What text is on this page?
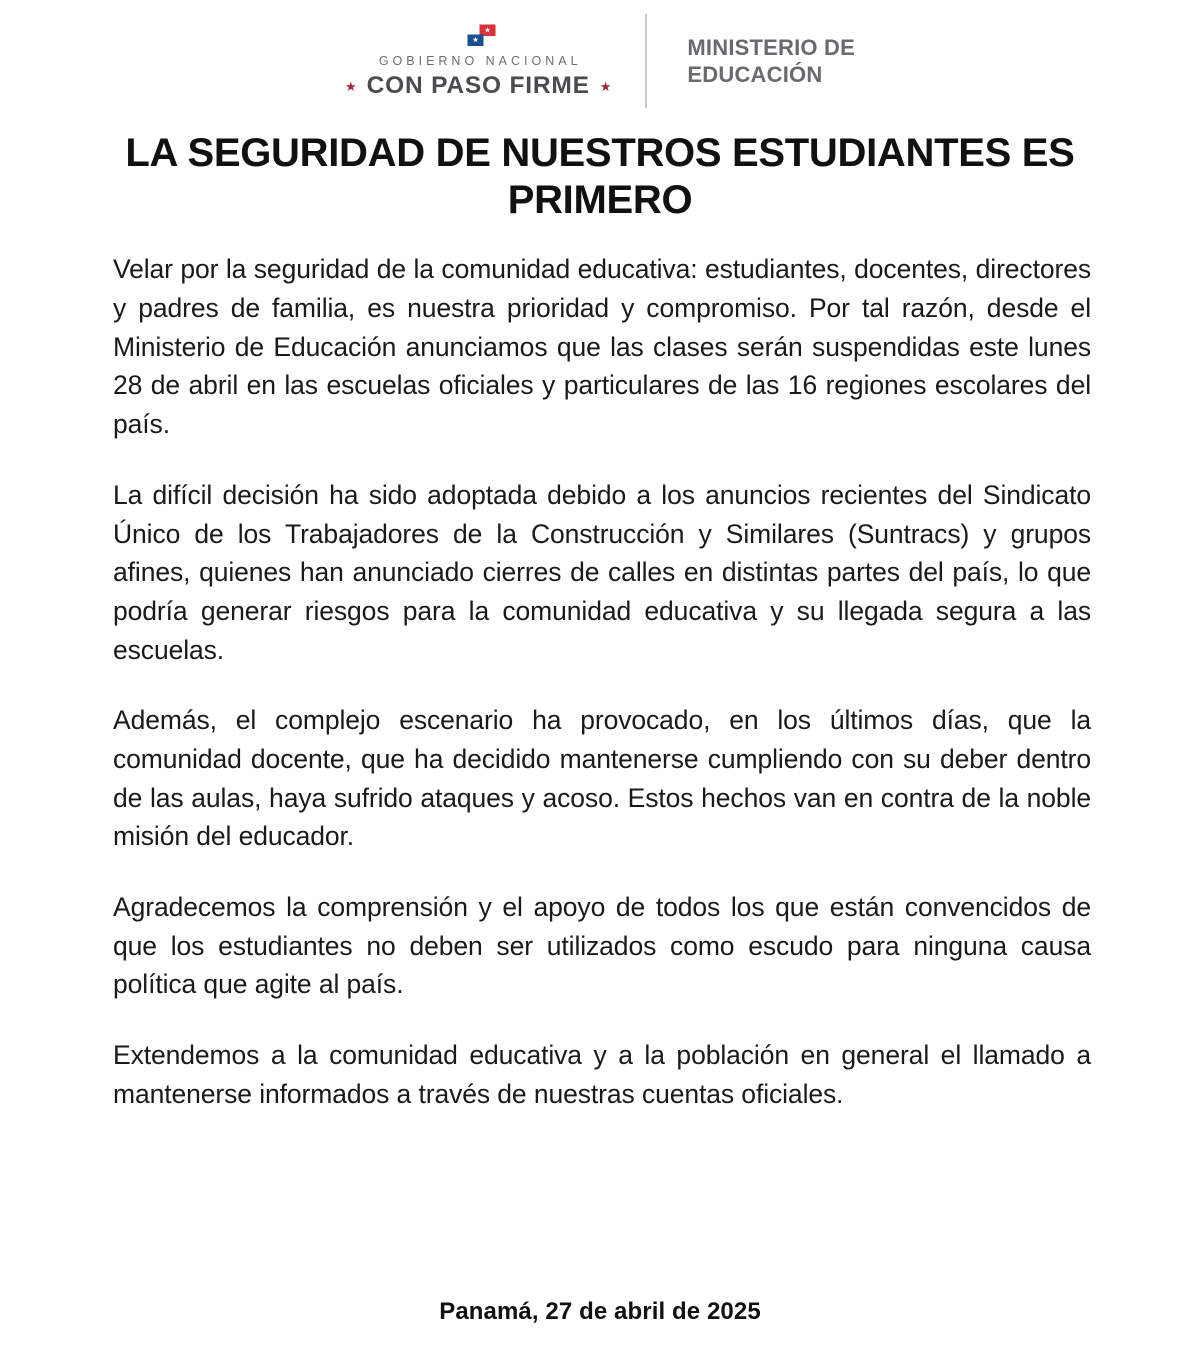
GOBIERNO NACIONAL
★ CON PASO FIRME ★
MINISTERIO DE
EDUCACIÓN
LA SEGURIDAD DE NUESTROS ESTUDIANTES ES PRIMERO

Velar por la seguridad de la comunidad educativa: estudiantes, docentes, directores y padres de familia, es nuestra prioridad y compromiso. Por tal razón, desde el Ministerio de Educación anunciamos que las clases serán suspendidas este lunes 28 de abril en las escuelas oficiales y particulares de las 16 regiones escolares del país.

La difícil decisión ha sido adoptada debido a los anuncios recientes del Sindicato Único de los Trabajadores de la Construcción y Similares (Suntracs) y grupos afines, quienes han anunciado cierres de calles en distintas partes del país, lo que podría generar riesgos para la comunidad educativa y su llegada segura a las escuelas.

Además, el complejo escenario ha provocado, en los últimos días, que la comunidad docente, que ha decidido mantenerse cumpliendo con su deber dentro de las aulas, haya sufrido ataques y acoso. Estos hechos van en contra de la noble misión del educador.

Agradecemos la comprensión y el apoyo de todos los que están convencidos de que los estudiantes no deben ser utilizados como escudo para ninguna causa política que agite al país.

Extendemos a la comunidad educativa y a la población en general el llamado a mantenerse informados a través de nuestras cuentas oficiales.

Panamá, 27 de abril de 2025
